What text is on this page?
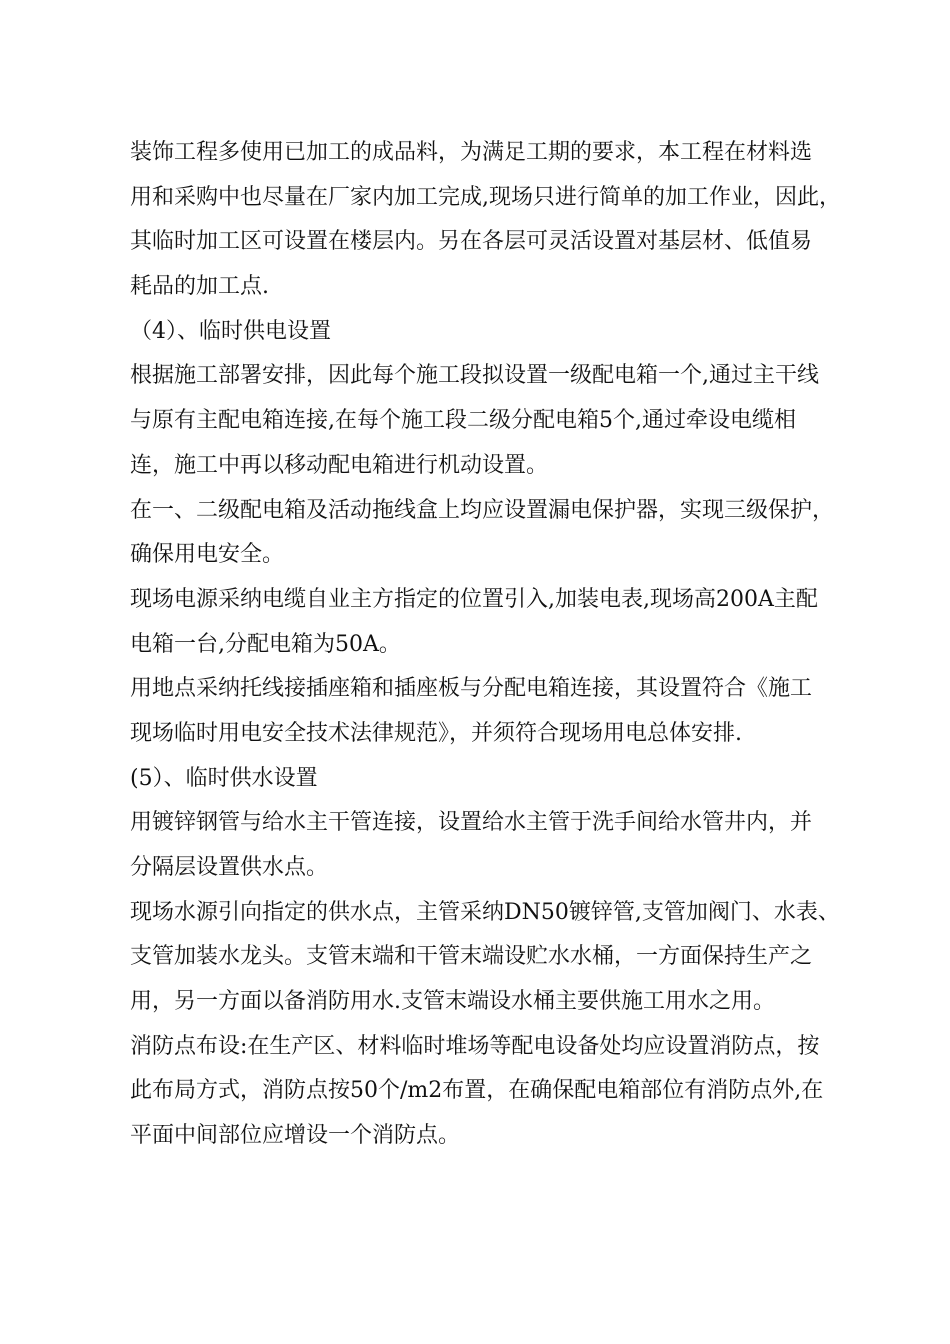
装饰工程多使用已加工的成品料，为满足工期的要求，本工程在材料选
用和采购中也尽量在厂家内加工完成,现场只进行简单的加工作业，因此，
其临时加工区可设置在楼层内。另在各层可灵活设置对基层材、低值易
耗品的加工点.
（4）、临时供电设置
根据施工部署安排，因此每个施工段拟设置一级配电箱一个,通过主干线
与原有主配电箱连接,在每个施工段二级分配电箱5个,通过牵设电缆相
连，施工中再以移动配电箱进行机动设置。
在一、二级配电箱及活动拖线盒上均应设置漏电保护器，实现三级保护，
确保用电安全。
现场电源采纳电缆自业主方指定的位置引入,加装电表,现场高200A主配
电箱一台,分配电箱为50A。
用地点采纳托线接插座箱和插座板与分配电箱连接，其设置符合《施工
现场临时用电安全技术法律规范》，并须符合现场用电总体安排.
(5）、临时供水设置
用镀锌钢管与给水主干管连接，设置给水主管于洗手间给水管井内，并
分隔层设置供水点。
现场水源引向指定的供水点，主管采纳DN50镀锌管,支管加阀门、水表、
支管加装水龙头。支管末端和干管末端设贮水水桶，一方面保持生产之
用，另一方面以备消防用水.支管末端设水桶主要供施工用水之用。
消防点布设:在生产区、材料临时堆场等配电设备处均应设置消防点，按
此布局方式，消防点按50个/m2布置，在确保配电箱部位有消防点外,在
平面中间部位应增设一个消防点。
